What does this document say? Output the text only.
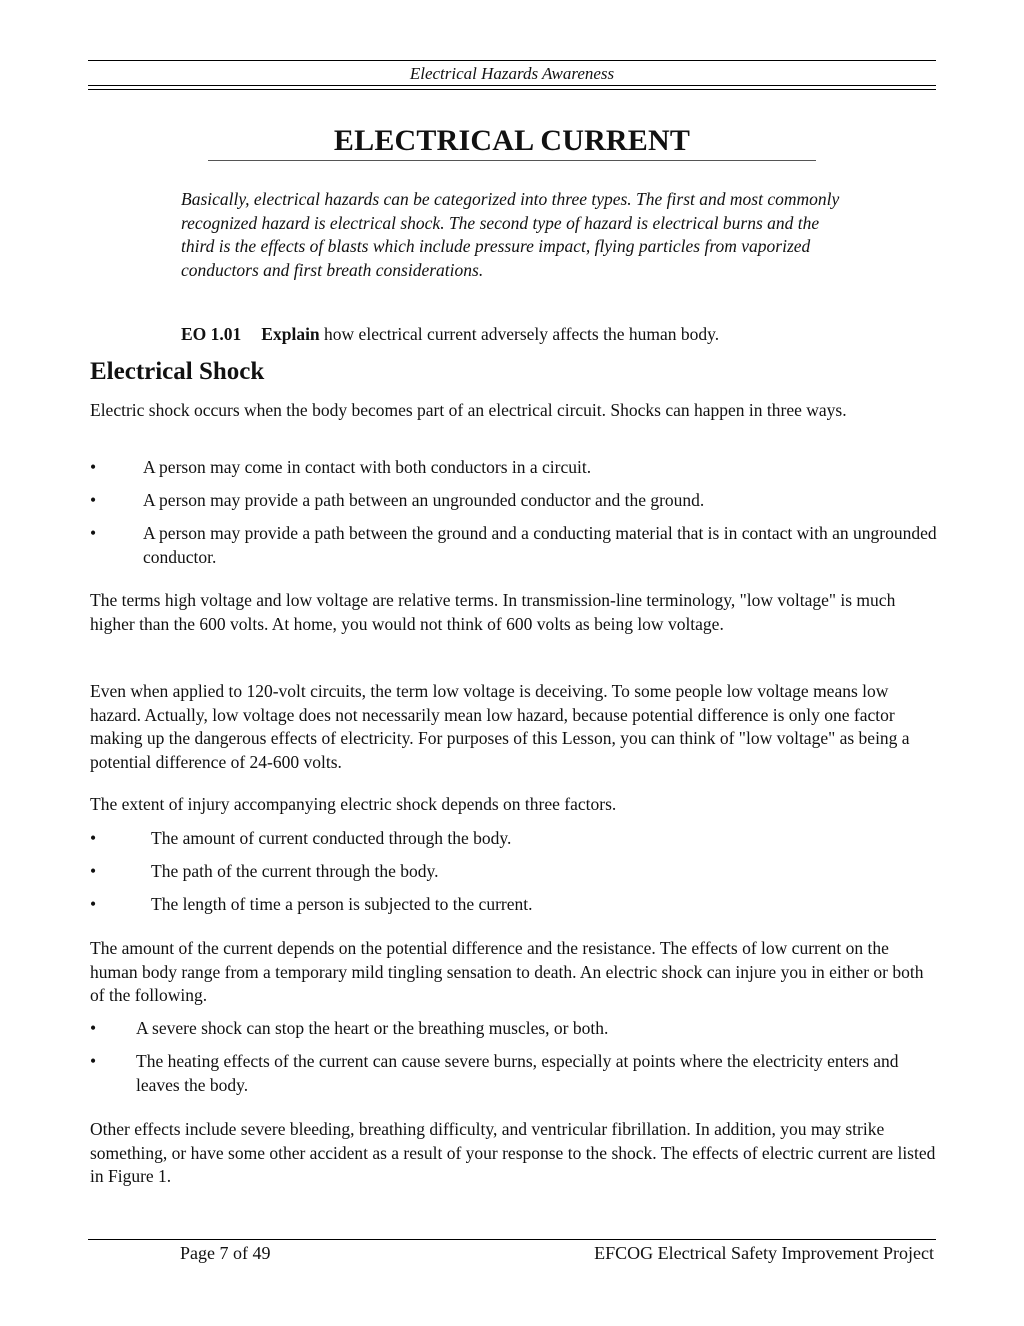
Electrical Hazards Awareness
ELECTRICAL CURRENT
Basically, electrical hazards can be categorized into three types. The first and most commonly recognized hazard is electrical shock. The second type of hazard is electrical burns and the third is the effects of blasts which include pressure impact, flying particles from vaporized conductors and first breath considerations.
EO 1.01 Explain how electrical current adversely affects the human body.
Electrical Shock
Electric shock occurs when the body becomes part of an electrical circuit. Shocks can happen in three ways.
•	A person may come in contact with both conductors in a circuit.
•	A person may provide a path between an ungrounded conductor and the ground.
•	A person may provide a path between the ground and a conducting material that is in contact with an ungrounded conductor.
The terms high voltage and low voltage are relative terms. In transmission-line terminology, "low voltage" is much higher than the 600 volts. At home, you would not think of 600 volts as being low voltage.
Even when applied to 120-volt circuits, the term low voltage is deceiving. To some people low voltage means low hazard. Actually, low voltage does not necessarily mean low hazard, because potential difference is only one factor making up the dangerous effects of electricity. For purposes of this Lesson, you can think of "low voltage" as being a potential difference of 24-600 volts.
The extent of injury accompanying electric shock depends on three factors.
•	The amount of current conducted through the body.
•	The path of the current through the body.
•	The length of time a person is subjected to the current.
The amount of the current depends on the potential difference and the resistance. The effects of low current on the human body range from a temporary mild tingling sensation to death. An electric shock can injure you in either or both of the following.
• A severe shock can stop the heart or the breathing muscles, or both.
• The heating effects of the current can cause severe burns, especially at points where the electricity enters and leaves the body.
Other effects include severe bleeding, breathing difficulty, and ventricular fibrillation. In addition, you may strike something, or have some other accident as a result of your response to the shock. The effects of electric current are listed in Figure 1.
Page 7 of 49	EFCOG Electrical Safety Improvement Project
